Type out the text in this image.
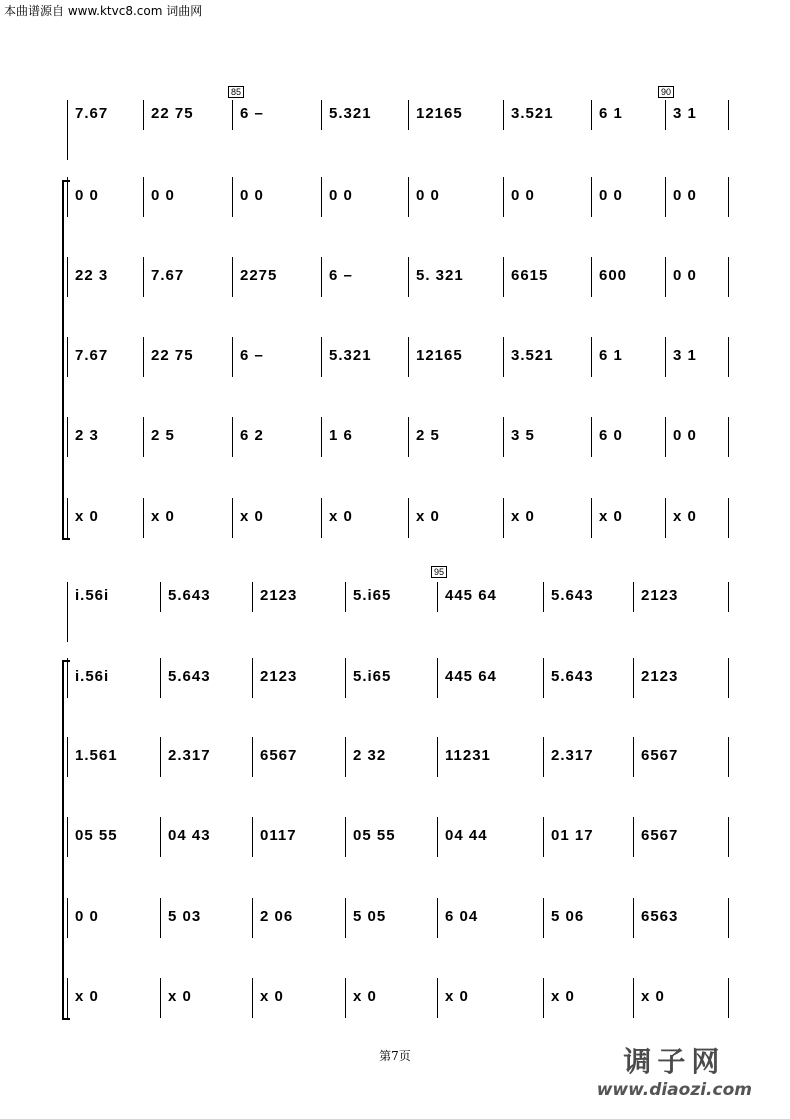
本曲谱源自 www.ktvc8.com 词曲网
85	90
7.67	22 75	6 –	5.321	12165	3.521	6 1	3 1
0 0	0 0	0 0	0 0	0 0	0 0	0 0	0 0
22 3	7.67	2275	6 –	5. 321	6615	600	0 0
7.67	22 75	6 –	5.321	12165	3.521	6 1	3 1
2 3	2 5	6 2	1 6	2 5	3 5	6 0	0 0
x 0	x 0	x 0	x 0	x 0	x 0	x 0	x 0
95
i.56i	5.643	2123	5.i65	445 64	5.643	2123
i.56i	5.643	2123	5.i65	445 64	5.643	2123
1.561	2.317	6567	2 32	11231	2.317	6567
05 55	04 43	0117	05 55	04 44	01 17	6567
0 0	5 03	2 06	5 05	6 04	5 06	6563
x 0	x 0	x 0	x 0	x 0	x 0	x 0
第7页	调子网
www.diaozi.com
